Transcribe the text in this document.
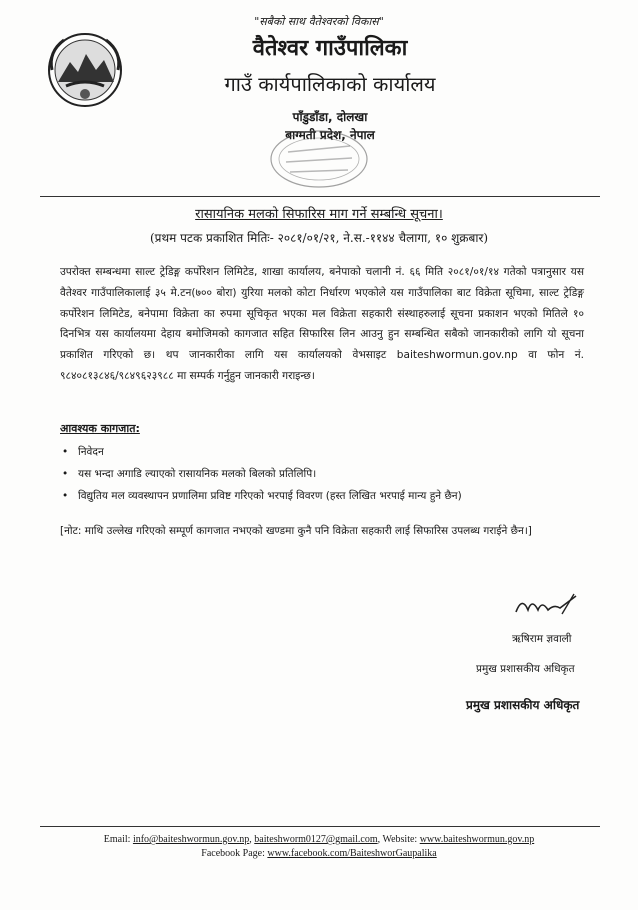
"सबैको साथ वैतेश्वरको विकास"
वैतेश्वर गाउँपालिका
गाउँ कार्यपालिकाको कार्यालय
पाँडुडाँडा, दोलखा
बाग्मती प्रदेश, नेपाल
रासायनिक मलको सिफारिस माग गर्ने सम्बन्धि सूचना।
(प्रथम पटक प्रकाशित मितिः- २०८१/०१/२१, ने.स.-११४४ चैलागा, १० शुक्रबार)
उपरोक्त सम्बन्धमा साल्ट ट्रेडिङ्ग कर्पोरेशन लिमिटेड, शाखा कार्यालय, बनेपाको चलानी नं. ६६ मिति २०८१/०१/१४ गतेको पत्रानुसार यस वैतेश्वर गाउँपालिकालाई ३५ मे.टन(७०० बोरा) युरिया मलको कोटा निर्धारण भएकोले यस गाउँपालिका बाट विक्रेता सूचिमा, साल्ट ट्रेडिङ्ग कर्पोरेशन लिमिटेड, बनेपामा विक्रेता का रुपमा सूचिकृत भएका मल विक्रेता सहकारी संस्थाहरुलाई सूचना प्रकाशन भएको मितिले १० दिनभित्र यस कार्यालयमा देहाय बमोजिमको कागजात सहित सिफारिस लिन आउनु हुन सम्बन्धित सबैको जानकारीको लागि यो सूचना प्रकाशित गरिएको छ। थप जानकारीका लागि यस कार्यालयको वेभसाइट baiteshwormun.gov.np वा फोन नं. ९८४०८१३८४६/९८४९६२३९८८ मा सम्पर्क गर्नुहुन जानकारी गराइन्छ।
आवश्यक कागजात:
• निवेदन
• यस भन्दा अगाडि ल्याएको रासायनिक मलको बिलको प्रतिलिपि।
• विद्युतिय मल व्यवस्थापन प्रणालिमा प्रविष्ट गरिएको भरपाई विवरण (हस्त लिखित भरपाई मान्य हुने छैन)
[नोट: माथि उल्लेख गरिएको सम्पूर्ण कागजात नभएको खण्डमा कुनै पनि विक्रेता सहकारी लाई सिफारिस उपलब्ध गराईने छैन।]
ऋषिराम ज्ञवाली
प्रमुख प्रशासकीय अधिकृत
प्रमुख प्रशासकीय अधिकृत
Email: info@baiteshwormun.gov.np, baiteshworm0127@gmail.com, Website: www.baiteshwormun.gov.np
Facebook Page: www.facebook.com/BaiteshworGaupalika
